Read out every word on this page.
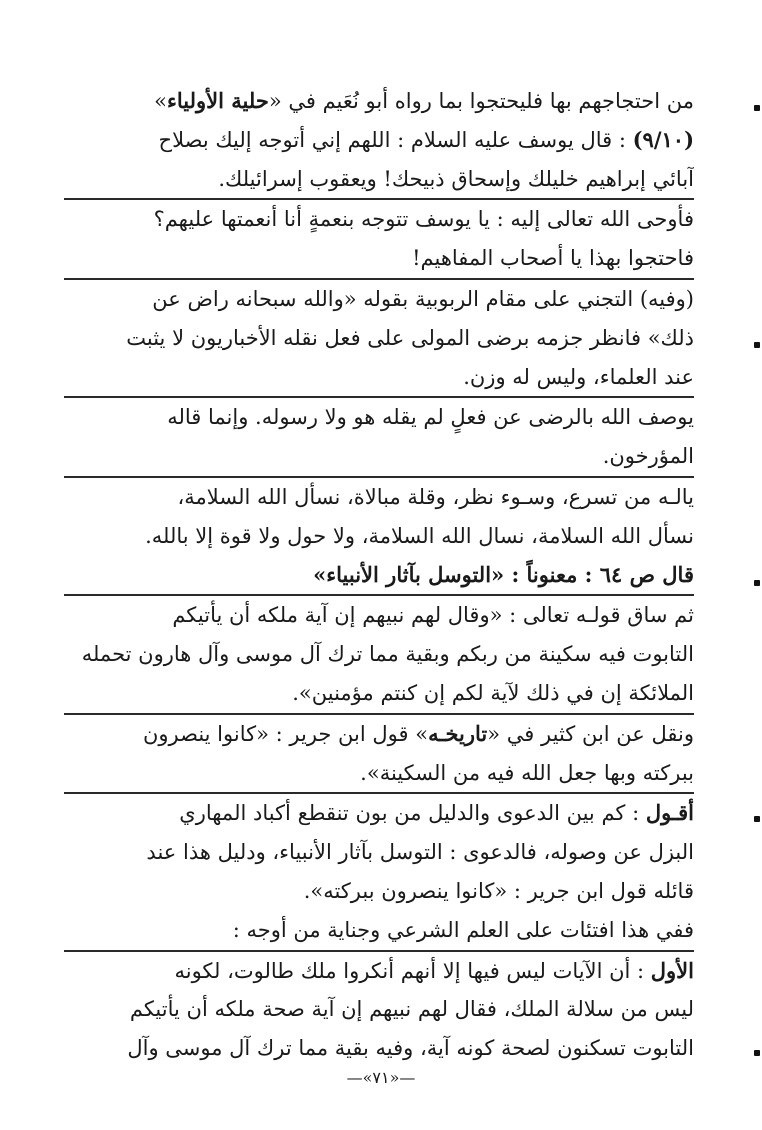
من احتجاجهم بها فليحتجوا بما رواه أبو نُعَيم في «حلية الأولياء»
(٩/١٠) : قال يوسف عليه السلام : اللهم إني أتوجه إليك بصلاح
آبائي إبراهيم خليلك وإسحاق ذبيحك! ويعقوب إسرائيلك.
فأوحى الله تعالى إليه : يا يوسف تتوجه بنعمةٍ أنا أنعمتها عليهم؟
فاحتجوا بهذا يا أصحاب المفاهيم!
(وفيه) التجني على مقام الربوبية بقوله «والله سبحانه راض عن
ذلك» فانظر جزمه برضى المولى على فعل نقله الأخباريون لا يثبت
عند العلماء، وليس له وزن.
يوصف الله بالرضى عن فعلٍ لم يقله هو ولا رسوله. وإنما قاله
المؤرخون.
يالـه من تسرع، وسـوء نظر، وقلة مبالاة، نسأل الله السلامة،
نسأل الله السلامة، نسال الله السلامة، ولا حول ولا قوة إلا بالله.
قال ص ٦٤ : معنوناً : «التوسل بآثار الأنبياء»
ثم ساق قولـه تعالى : «وقال لهم نبيهم إن آية ملكه أن يأتيكم
التابوت فيه سكينة من ربكم وبقية مما ترك آل موسى وآل هارون تحمله
الملائكة إن في ذلك لآية لكم إن كنتم مؤمنين».
ونقل عن ابن كثير في «تاريخـه» قول ابن جرير : «كانوا ينصرون
ببركته وبها جعل الله فيه من السكينة».
أقـول : كم بين الدعوى والدليل من بون تنقطع أكباد المهاري
البزل عن وصوله، فالدعوى : التوسل بآثار الأنبياء، ودليل هذا عند
قائله قول ابن جرير : «كانوا ينصرون ببركته».
ففي هذا افتئات على العلم الشرعي وجناية من أوجه :
الأول : أن الآيات ليس فيها إلا أنهم أنكروا ملك طالوت، لكونه
ليس من سلالة الملك، فقال لهم نبيهم إن آية صحة ملكه أن يأتيكم
التابوت تسكنون لصحة كونه آية، وفيه بقية مما ترك آل موسى وآل
—«٧١»—
